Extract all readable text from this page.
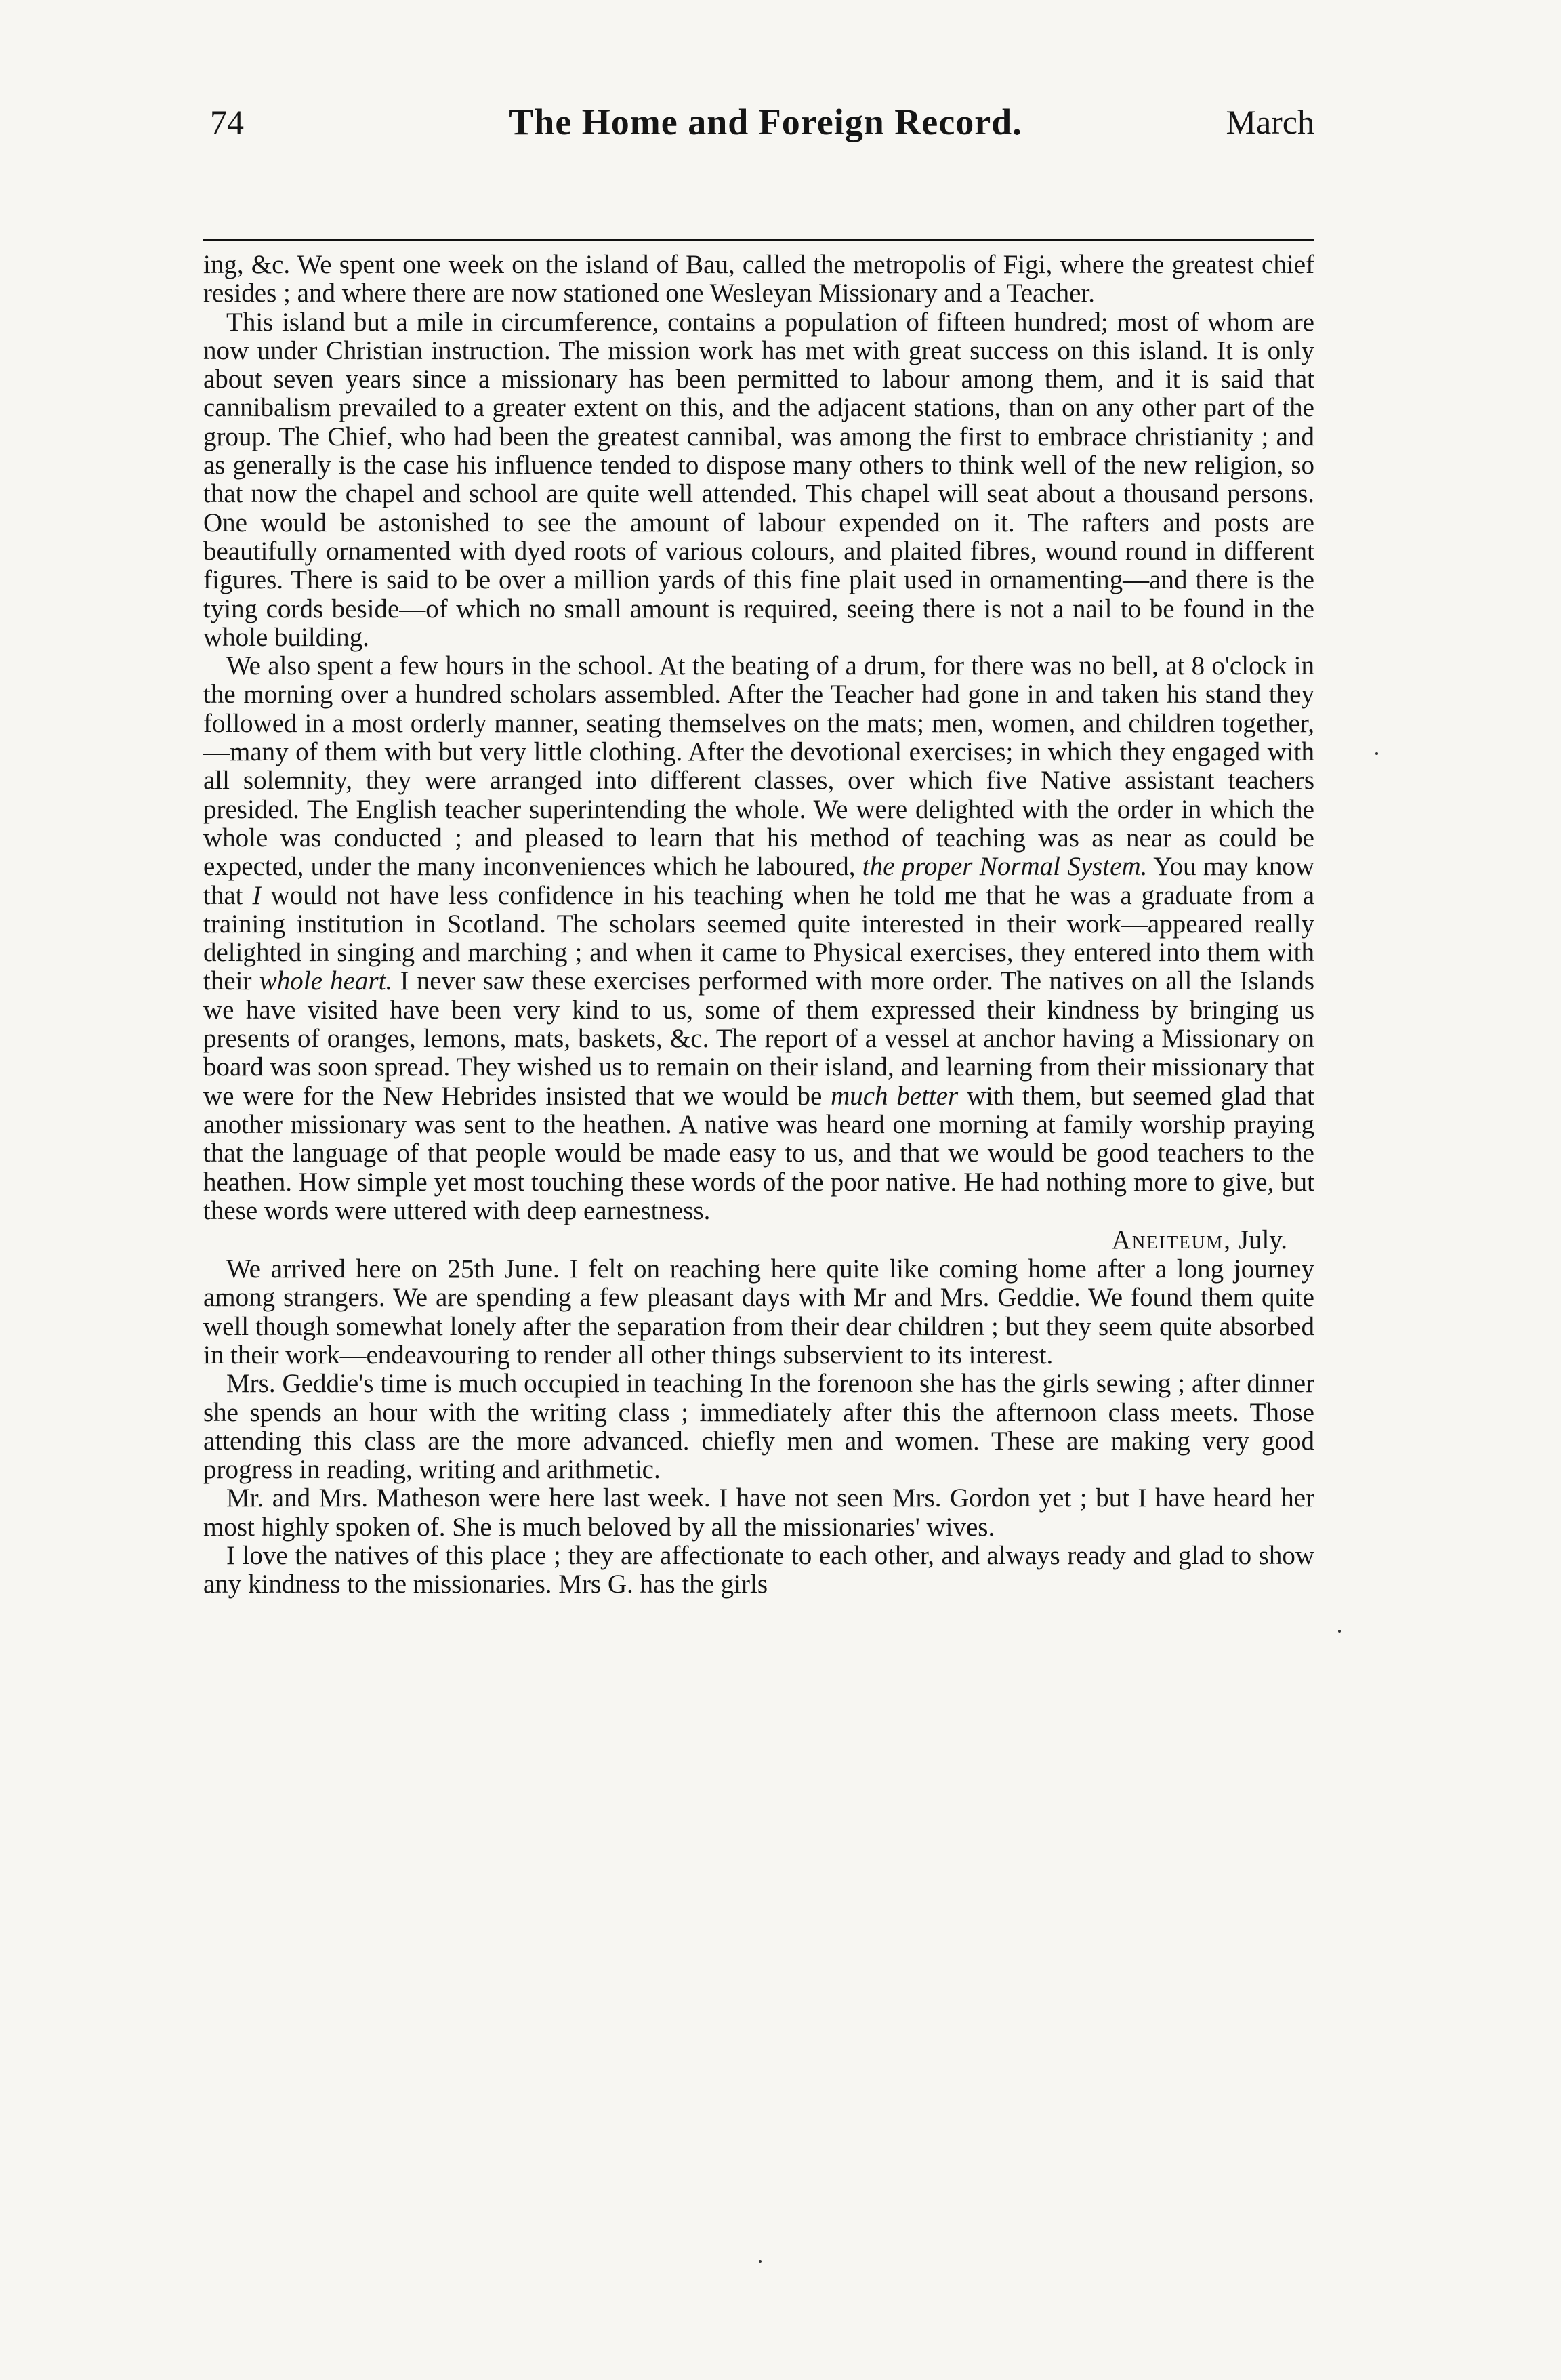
74	The Home and Foreign Record.	March

ing, &c. We spent one week on the island of Bau, called the metropolis of Figi, where the greatest chief resides ; and where there are now stationed one Wesleyan Missionary and a Teacher.

This island but a mile in circumference, contains a population of fifteen hundred; most of whom are now under Christian instruction. The mission work has met with great success on this island. It is only about seven years since a missionary has been permitted to labour among them, and it is said that cannibalism prevailed to a greater extent on this, and the adjacent stations, than on any other part of the group. The Chief, who had been the greatest cannibal, was among the first to embrace christianity ; and as generally is the case his influence tended to dispose many others to think well of the new religion, so that now the chapel and school are quite well attended. This chapel will seat about a thousand persons. One would be astonished to see the amount of labour expended on it. The rafters and posts are beautifully ornamented with dyed roots of various colours, and plaited fibres, wound round in different figures. There is said to be over a million yards of this fine plait used in ornamenting—and there is the tying cords beside—of which no small amount is required, seeing there is not a nail to be found in the whole building.

We also spent a few hours in the school. At the beating of a drum, for there was no bell, at 8 o'clock in the morning over a hundred scholars assembled. After the Teacher had gone in and taken his stand they followed in a most orderly manner, seating themselves on the mats; men, women, and children together, —many of them with but very little clothing. After the devotional exercises; in which they engaged with all solemnity, they were arranged into different classes, over which five Native assistant teachers presided. The English teacher superintending the whole. We were delighted with the order in which the whole was conducted ; and pleased to learn that his method of teaching was as near as could be expected, under the many inconveniences which he laboured, the proper Normal System. You may know that I would not have less confidence in his teaching when he told me that he was a graduate from a training institution in Scotland. The scholars seemed quite interested in their work—appeared really delighted in singing and marching ; and when it came to Physical exercises, they entered into them with their whole heart. I never saw these exercises performed with more order. The natives on all the Islands we have visited have been very kind to us, some of them expressed their kindness by bringing us presents of oranges, lemons, mats, baskets, &c. The report of a vessel at anchor having a Missionary on board was soon spread. They wished us to remain on their island, and learning from their missionary that we were for the New Hebrides insisted that we would be much better with them, but seemed glad that another missionary was sent to the heathen. A native was heard one morning at family worship praying that the language of that people would be made easy to us, and that we would be good teachers to the heathen. How simple yet most touching these words of the poor native. He had nothing more to give, but these words were uttered with deep earnestness.

Aneiteum, July.

We arrived here on 25th June. I felt on reaching here quite like coming home after a long journey among strangers. We are spending a few pleasant days with Mr and Mrs. Geddie. We found them quite well though somewhat lonely after the separation from their dear children ; but they seem quite absorbed in their work—endeavouring to render all other things subservient to its interest.

Mrs. Geddie's time is much occupied in teaching In the forenoon she has the girls sewing ; after dinner she spends an hour with the writing class ; immediately after this the afternoon class meets. Those attending this class are the more advanced. chiefly men and women. These are making very good progress in reading, writing and arithmetic.

Mr. and Mrs. Matheson were here last week. I have not seen Mrs. Gordon yet ; but I have heard her most highly spoken of. She is much beloved by all the missionaries' wives.

I love the natives of this place ; they are affectionate to each other, and always ready and glad to show any kindness to the missionaries. Mrs G. has the girls
